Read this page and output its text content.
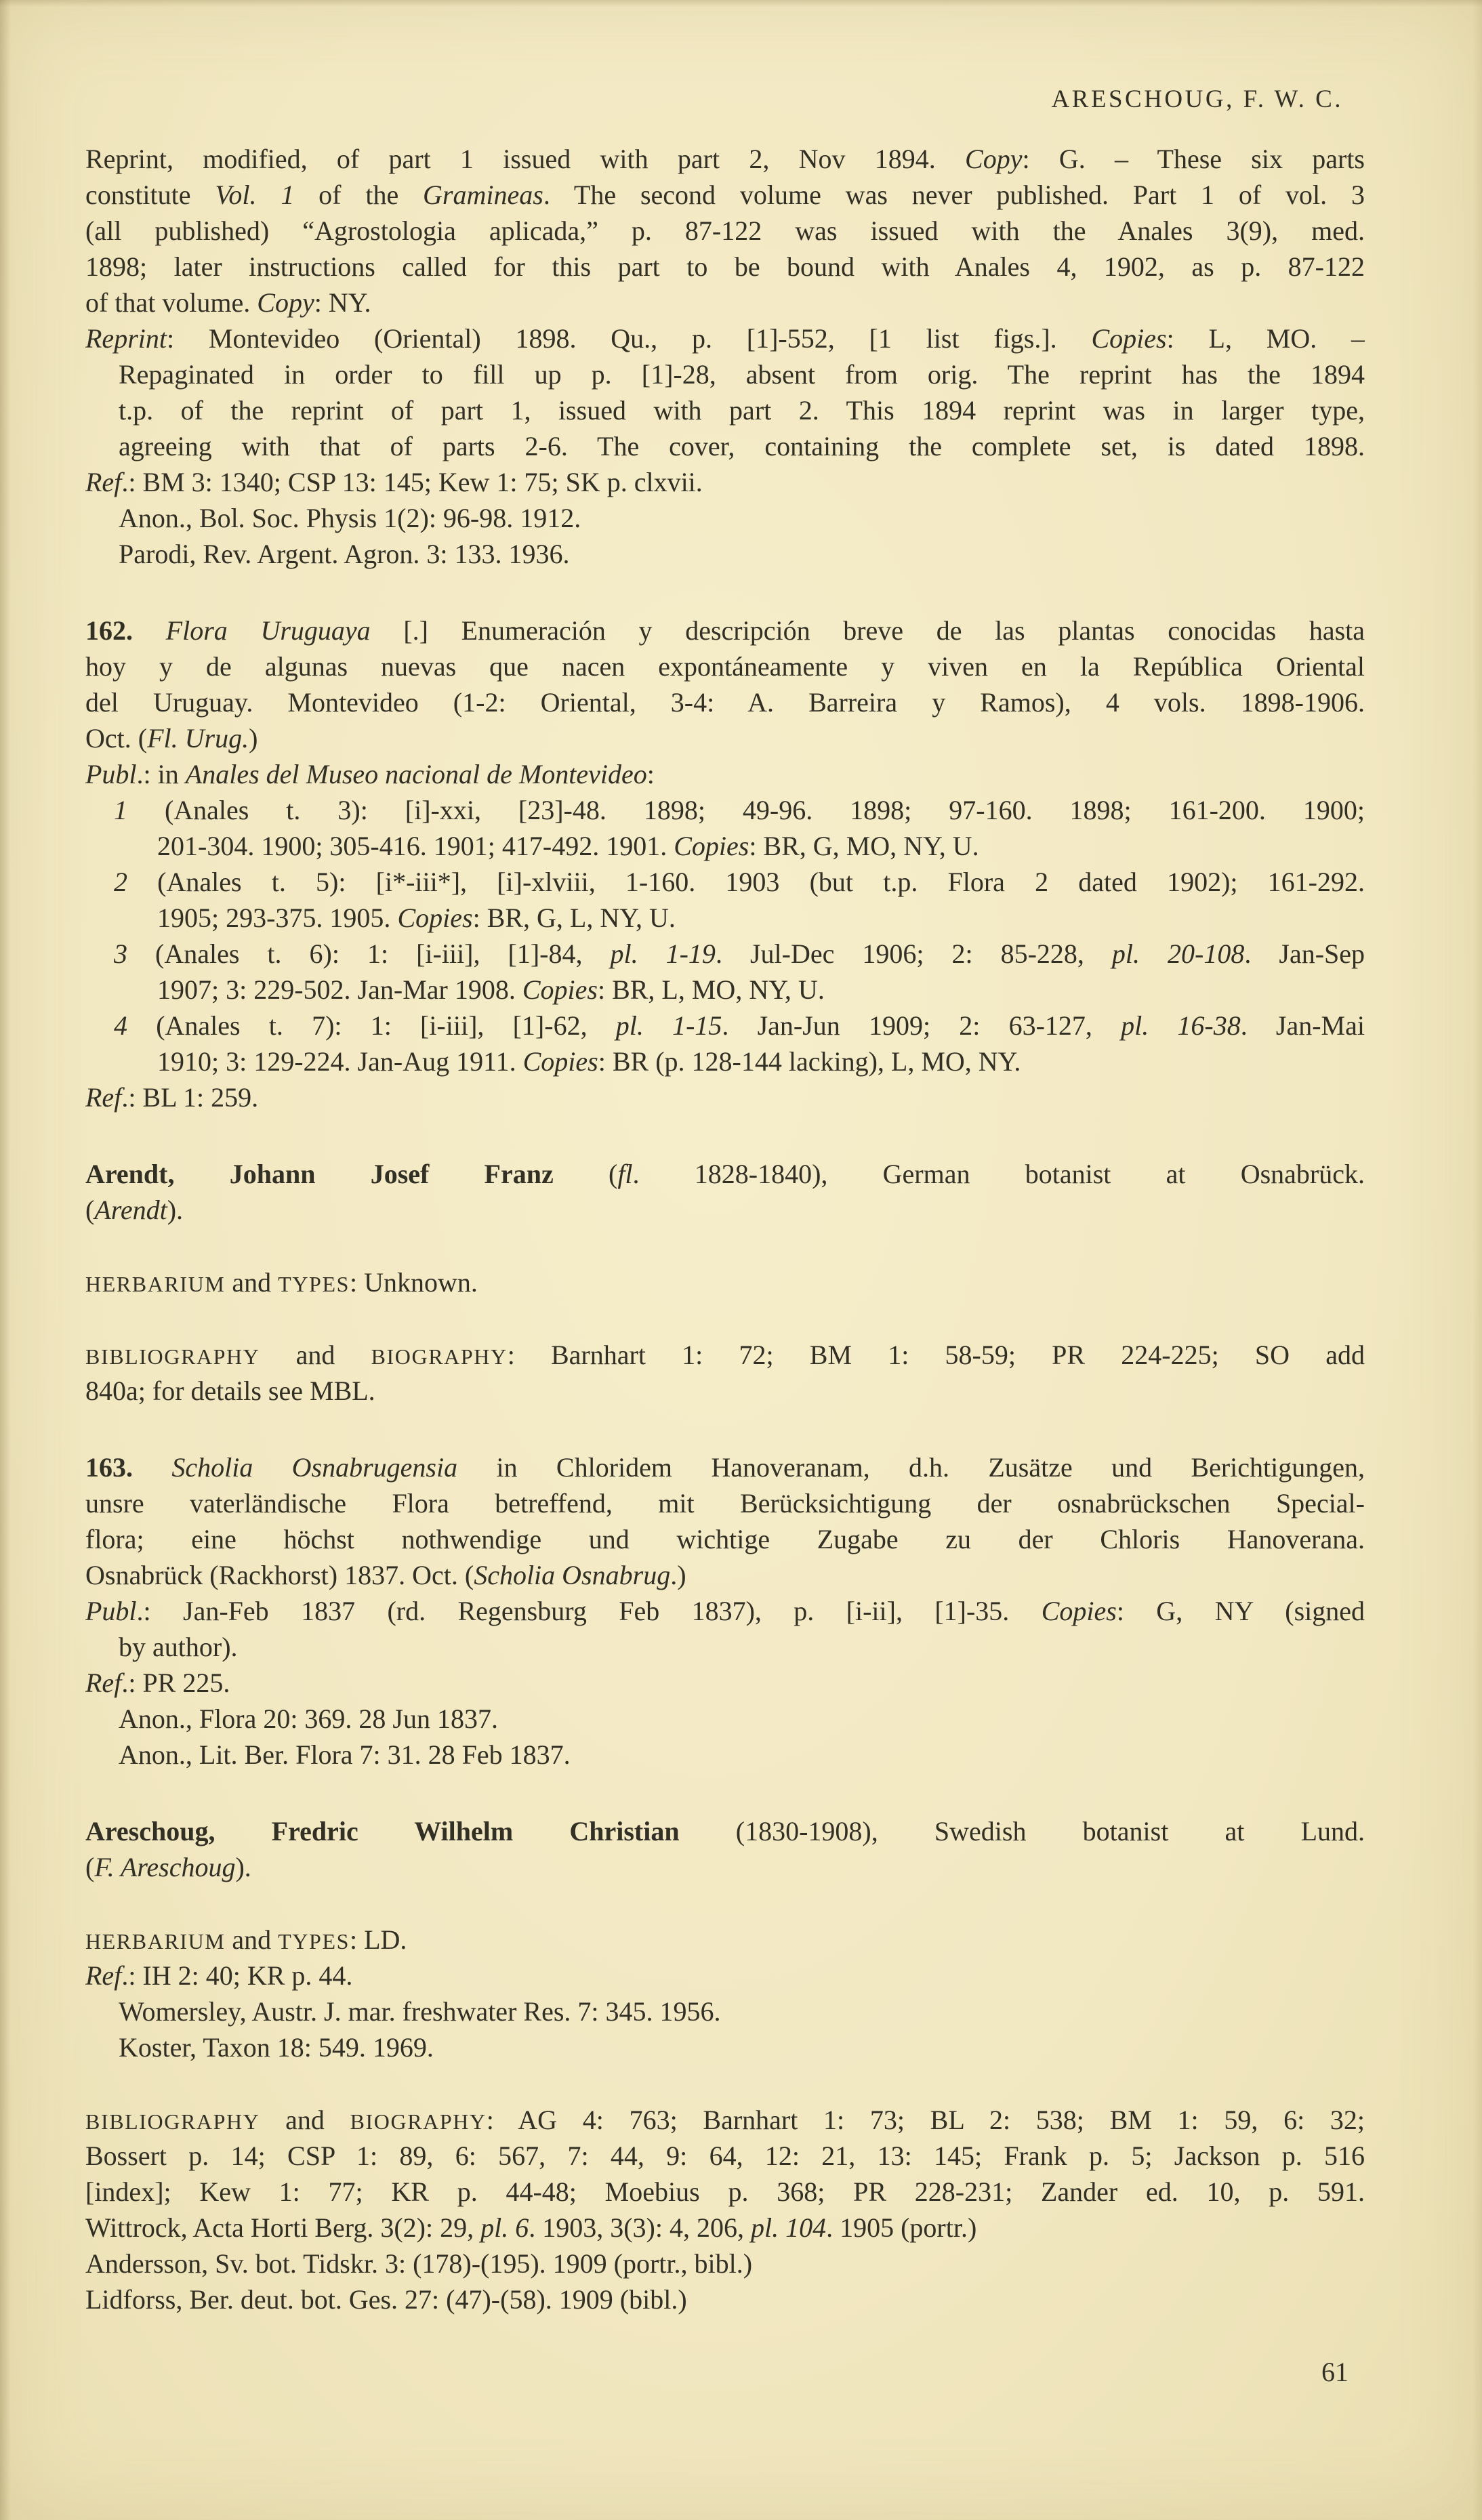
ARESCHOUG, F. W. C.
Reprint, modified, of part 1 issued with part 2, Nov 1894. Copy: G. – These six parts
constitute Vol. 1 of the Gramineas. The second volume was never published. Part 1 of vol. 3
(all published) “Agrostologia aplicada,” p. 87-122 was issued with the Anales 3(9), med.
1898; later instructions called for this part to be bound with Anales 4, 1902, as p. 87-122
of that volume. Copy: NY.
Reprint: Montevideo (Oriental) 1898. Qu., p. [1]-552, [1 list figs.]. Copies: L, MO. –
Repaginated in order to fill up p. [1]-28, absent from orig. The reprint has the 1894
t.p. of the reprint of part 1, issued with part 2. This 1894 reprint was in larger type,
agreeing with that of parts 2-6. The cover, containing the complete set, is dated 1898.
Ref.: BM 3: 1340; CSP 13: 145; Kew 1: 75; SK p. clxvii.
Anon., Bol. Soc. Physis 1(2): 96-98. 1912.
Parodi, Rev. Argent. Agron. 3: 133. 1936.
162. Flora Uruguaya [.] Enumeración y descripción breve de las plantas conocidas hasta
hoy y de algunas nuevas que nacen expontáneamente y viven en la República Oriental
del Uruguay. Montevideo (1-2: Oriental, 3-4: A. Barreira y Ramos), 4 vols. 1898-1906.
Oct. (Fl. Urug.)
Publ.: in Anales del Museo nacional de Montevideo:
1 (Anales t. 3): [i]-xxi, [23]-48. 1898; 49-96. 1898; 97-160. 1898; 161-200. 1900;
201-304. 1900; 305-416. 1901; 417-492. 1901. Copies: BR, G, MO, NY, U.
2 (Anales t. 5): [i*-iii*], [i]-xlviii, 1-160. 1903 (but t.p. Flora 2 dated 1902); 161-292.
1905; 293-375. 1905. Copies: BR, G, L, NY, U.
3 (Anales t. 6): 1: [i-iii], [1]-84, pl. 1-19. Jul-Dec 1906; 2: 85-228, pl. 20-108. Jan-Sep
1907; 3: 229-502. Jan-Mar 1908. Copies: BR, L, MO, NY, U.
4 (Anales t. 7): 1: [i-iii], [1]-62, pl. 1-15. Jan-Jun 1909; 2: 63-127, pl. 16-38. Jan-Mai
1910; 3: 129-224. Jan-Aug 1911. Copies: BR (p. 128-144 lacking), L, MO, NY.
Ref.: BL 1: 259.
Arendt, Johann Josef Franz (fl. 1828-1840), German botanist at Osnabrück.
(Arendt).
HERBARIUM and TYPES: Unknown.
BIBLIOGRAPHY and BIOGRAPHY: Barnhart 1: 72; BM 1: 58-59; PR 224-225; SO add
840a; for details see MBL.
163. Scholia Osnabrugensia in Chloridem Hanoveranam, d.h. Zusätze und Berichtigungen,
unsre vaterländische Flora betreffend, mit Berücksichtigung der osnabrückschen Special-
flora; eine höchst nothwendige und wichtige Zugabe zu der Chloris Hanoverana.
Osnabrück (Rackhorst) 1837. Oct. (Scholia Osnabrug.)
Publ.: Jan-Feb 1837 (rd. Regensburg Feb 1837), p. [i-ii], [1]-35. Copies: G, NY (signed
by author).
Ref.: PR 225.
Anon., Flora 20: 369. 28 Jun 1837.
Anon., Lit. Ber. Flora 7: 31. 28 Feb 1837.
Areschoug, Fredric Wilhelm Christian (1830-1908), Swedish botanist at Lund.
(F. Areschoug).
HERBARIUM and TYPES: LD.
Ref.: IH 2: 40; KR p. 44.
Womersley, Austr. J. mar. freshwater Res. 7: 345. 1956.
Koster, Taxon 18: 549. 1969.
BIBLIOGRAPHY and BIOGRAPHY: AG 4: 763; Barnhart 1: 73; BL 2: 538; BM 1: 59, 6: 32;
Bossert p. 14; CSP 1: 89, 6: 567, 7: 44, 9: 64, 12: 21, 13: 145; Frank p. 5; Jackson p. 516
[index]; Kew 1: 77; KR p. 44-48; Moebius p. 368; PR 228-231; Zander ed. 10, p. 591.
Wittrock, Acta Horti Berg. 3(2): 29, pl. 6. 1903, 3(3): 4, 206, pl. 104. 1905 (portr.)
Andersson, Sv. bot. Tidskr. 3: (178)-(195). 1909 (portr., bibl.)
Lidforss, Ber. deut. bot. Ges. 27: (47)-(58). 1909 (bibl.)
61
